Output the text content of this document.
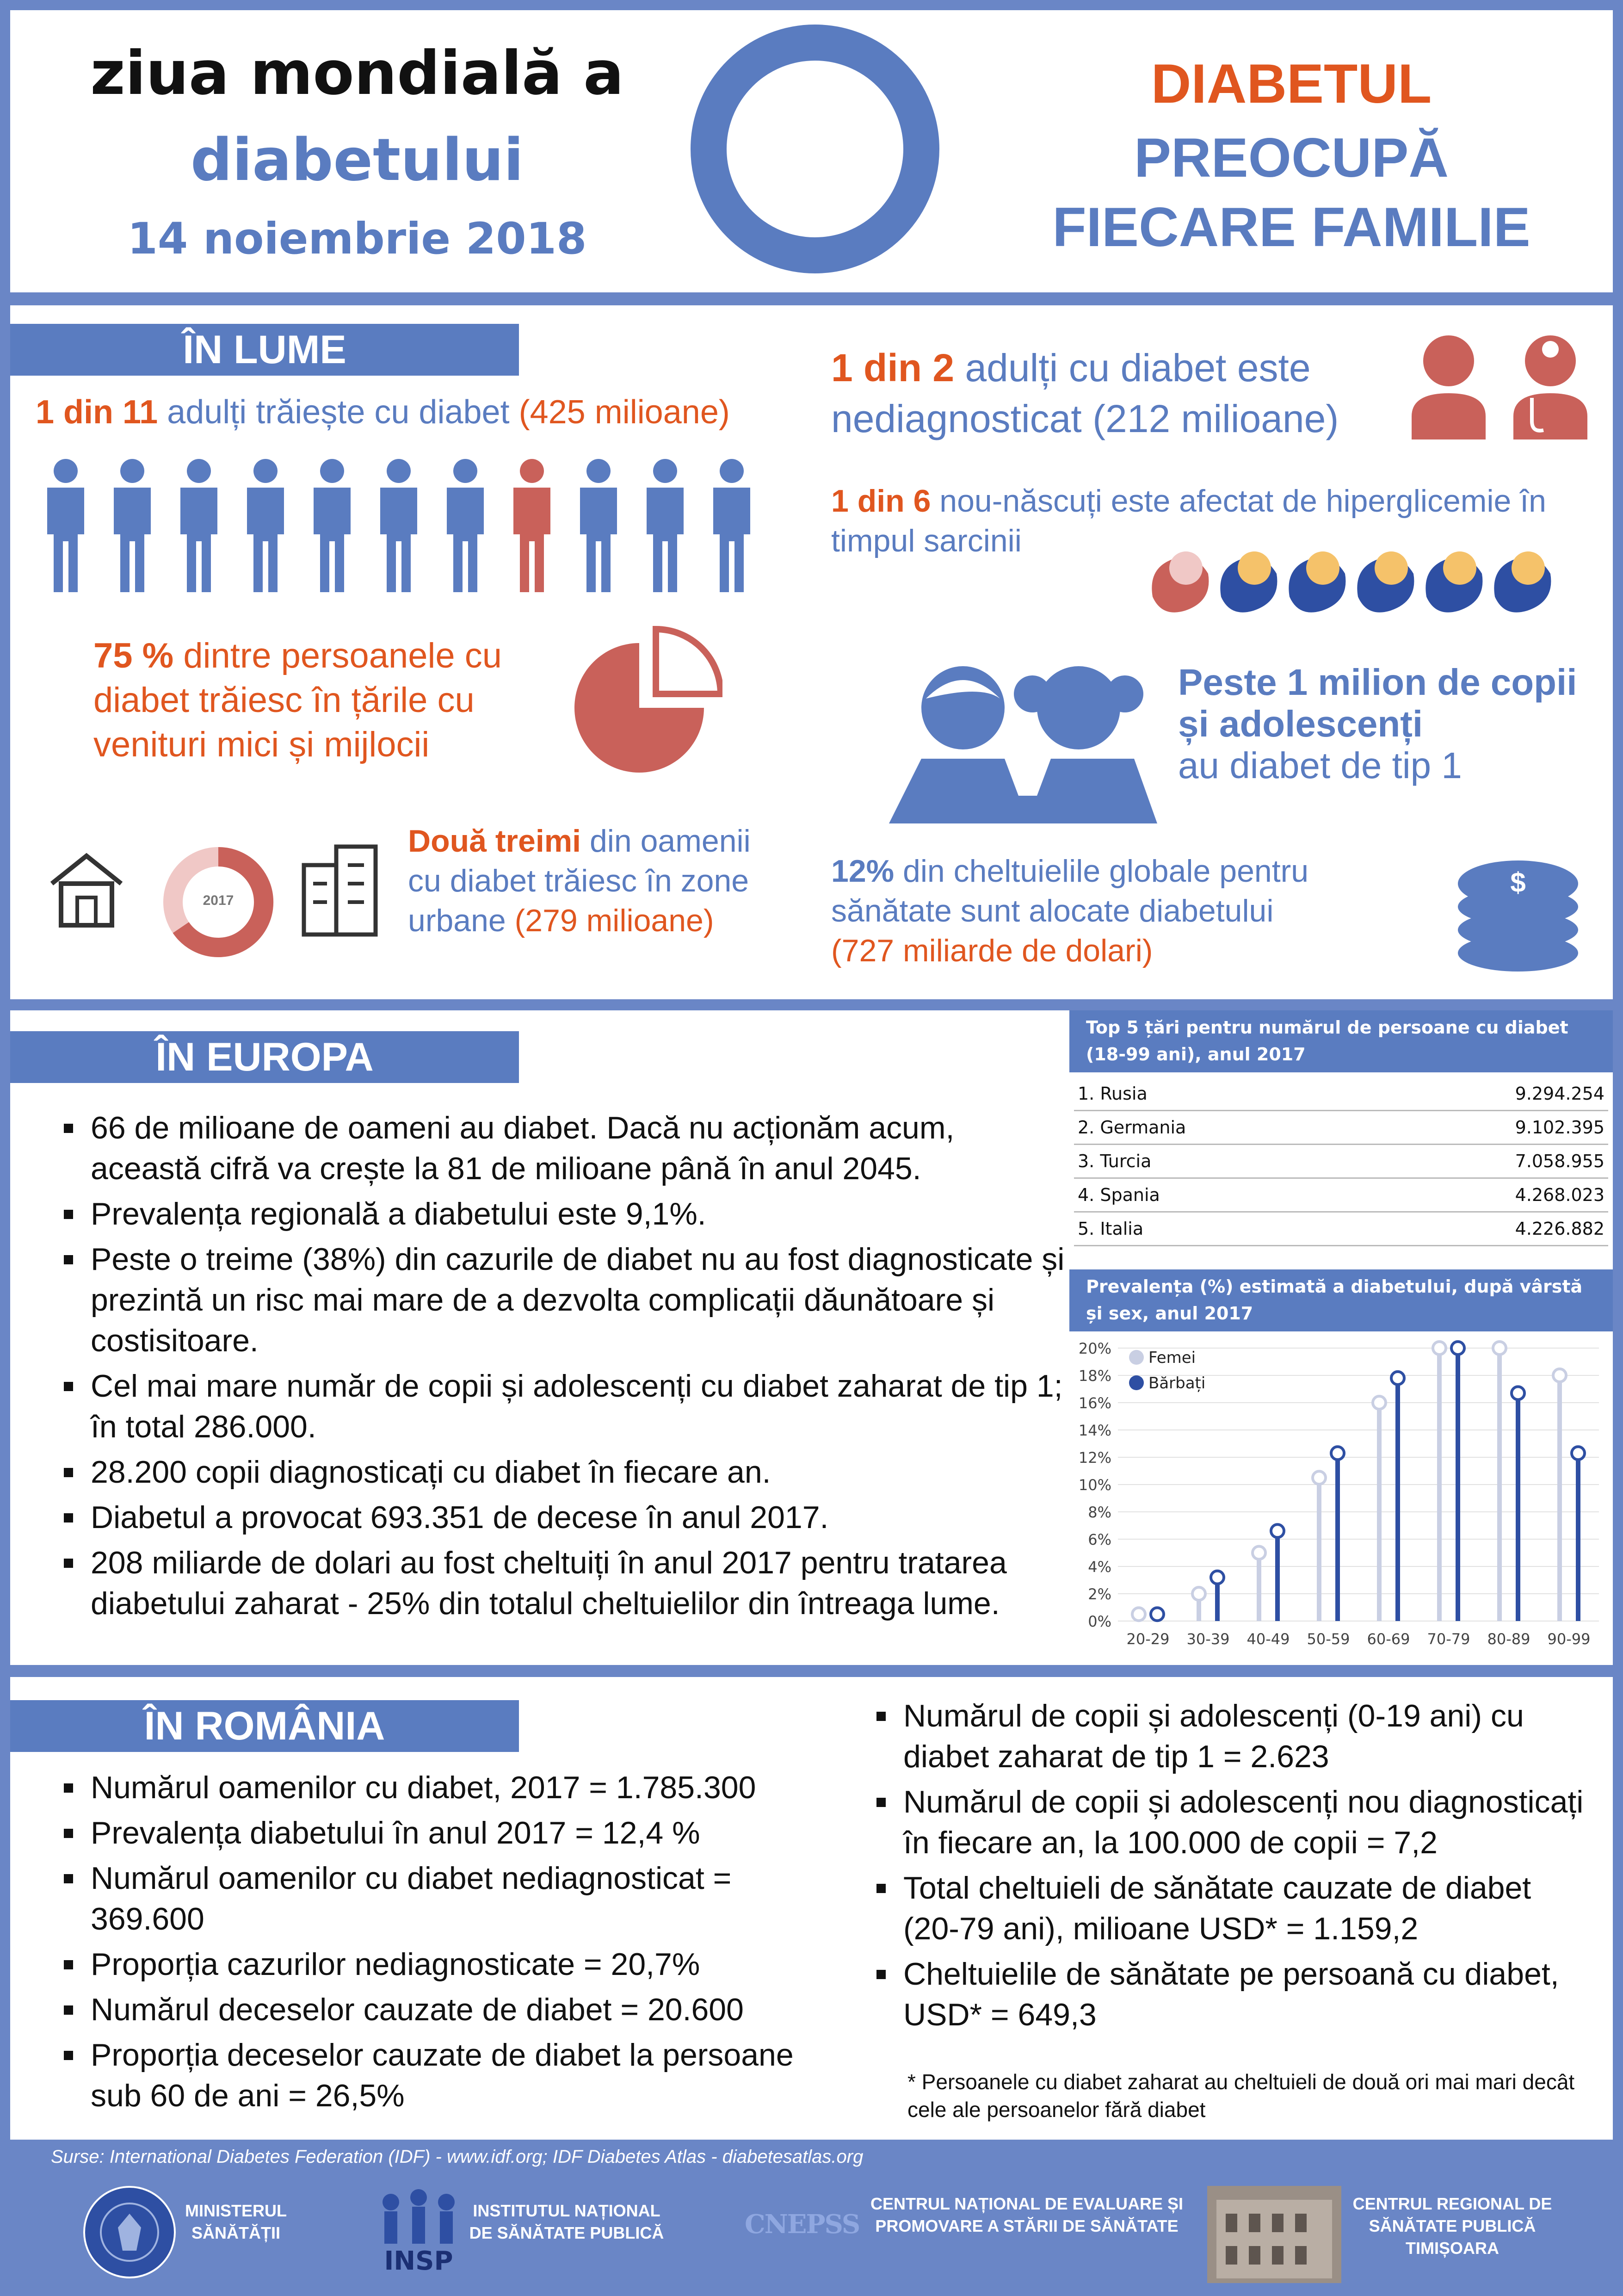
ziua mondială a
diabetului
14 noiembrie 2018
DIABETUL
PREOCUPĂ
FIECARE FAMILIE
ÎN LUME
1 din 11 adulți trăiește cu diabet (425 milioane)
75 % dintre persoanele cu diabet trăiesc în țările cu venituri mici și mijlocii
2017
Două treimi din oamenii cu diabet trăiesc în zone urbane (279 milioane)
1 din 2 adulți cu diabet este nediagnosticat (212 milioane)
1 din 6 nou-născuți este afectat de hiperglicemie în timpul sarcinii
Peste 1 milion de copii și adolescenți
au diabet de tip 1
12% din cheltuielile globale pentru sănătate sunt alocate diabetului
(727 miliarde de dolari)
$
ÎN EUROPA
66 de milioane de oameni au diabet. Dacă nu acționăm acum, această cifră va crește la 81 de milioane până în anul 2045.
Prevalența regională a diabetului este 9,1%.
Peste o treime (38%) din cazurile de diabet nu au fost diagnosticate și prezintă un risc mai mare de a dezvolta complicații dăunătoare și costisitoare.
Cel mai mare număr de copii și adolescenți cu diabet zaharat de tip 1; în total 286.000.
28.200 copii diagnosticați cu diabet în fiecare an.
Diabetul a provocat 693.351 de decese în anul 2017.
208 miliarde de dolari au fost cheltuiți în anul 2017 pentru tratarea diabetului zaharat - 25% din totalul cheltuielilor din întreaga lume.
Top 5 țări pentru numărul de persoane cu diabet (18-99 ani), anul 2017
1. Rusia	9.294.254
2. Germania	9.102.395
3. Turcia	7.058.955
4. Spania	4.268.023
5. Italia	4.226.882
Prevalența (%) estimată a diabetului, după vârstă și sex, anul 2017
0%
2%
4%
6%
8%
10%
12%
14%
16%
18%
20%
20-29 30-39 40-49 50-59 60-69 70-79 80-89 90-99
Femei
Bărbați
ÎN ROMÂNIA
Numărul oamenilor cu diabet, 2017 = 1.785.300
Prevalența diabetului în anul 2017 = 12,4 %
Numărul oamenilor cu diabet nediagnosticat = 369.600
Proporția cazurilor nediagnosticate = 20,7%
Numărul deceselor cauzate de diabet = 20.600
Proporția deceselor cauzate de diabet la persoane sub 60 de ani = 26,5%
Numărul de copii și adolescenți (0-19 ani) cu diabet zaharat de tip 1 = 2.623
Numărul de copii și adolescenți nou diagnosticați în fiecare an, la 100.000 de copii = 7,2
Total cheltuieli de sănătate cauzate de diabet (20-79 ani), milioane USD* = 1.159,2
Cheltuielile de sănătate pe persoană cu diabet, USD* = 649,3
* Persoanele cu diabet zaharat au cheltuieli de două ori mai mari decât cele ale persoanelor fără diabet
Surse: International Diabetes Federation (IDF) - www.idf.org; IDF Diabetes Atlas - diabetesatlas.org
MINISTERUL SĂNĂTĂȚII
INSP
INSTITUTUL NAȚIONAL DE SĂNĂTATE PUBLICĂ	CNEPSS
CENTRUL NAȚIONAL DE EVALUARE ȘI PROMOVARE A STĂRII DE SĂNĂTATE
CENTRUL REGIONAL DE SĂNĂTATE PUBLICĂ TIMIȘOARA
